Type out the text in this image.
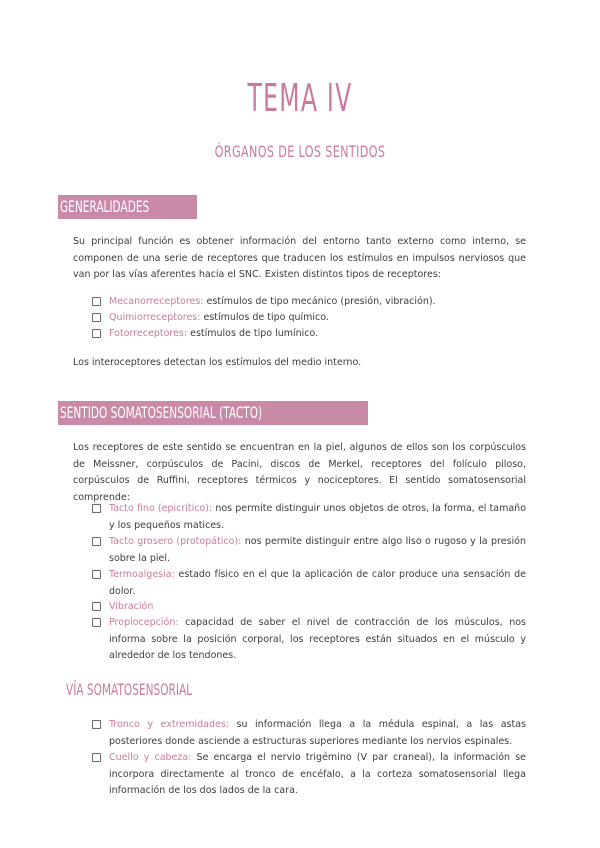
TEMA IV
ÓRGANOS DE LOS SENTIDOS
GENERALIDADES

Su principal función es obtener información del entorno tanto externo como interno, se componen de una serie de receptores que traducen los estímulos en impulsos nerviosos que van por las vías aferentes hacia el SNC. Existen distintos tipos de receptores:

Mecanorreceptores: estímulos de tipo mecánico (presión, vibración).
Quimiorreceptores: estímulos de tipo químico.
Fotorreceptores: estímulos de tipo lumínico.

Los interoceptores detectan los estímulos del medio interno.

SENTIDO SOMATOSENSORIAL (TACTO)

Los receptores de este sentido se encuentran en la piel, algunos de ellos son los corpúsculos de Meissner, corpúsculos de Pacini, discos de Merkel, receptores del folículo piloso, corpúsculos de Ruffini, receptores térmicos y nociceptores. El sentido somatosensorial comprende:

Tacto fino (epicrítico): nos permite distinguir unos objetos de otros, la forma, el tamaño y los pequeños matices.
Tacto grosero (protopático): nos permite distinguir entre algo liso o rugoso y la presión sobre la piel.
Termoalgesia: estado físico en el que la aplicación de calor produce una sensación de dolor.
Vibración
Propiocepción: capacidad de saber el nivel de contracción de los músculos, nos informa sobre la posición corporal, los receptores están situados en el músculo y alrededor de los tendones.
VÍA SOMATOSENSORIAL
Tronco y extremidades: su información llega a la médula espinal, a las astas posteriores donde asciende a estructuras superiores mediante los nervios espinales.
Cuello y cabeza: Se encarga el nervio trigémino (V par craneal), la información se incorpora directamente al tronco de encéfalo, a la corteza somatosensorial llega información de los dos lados de la cara.
